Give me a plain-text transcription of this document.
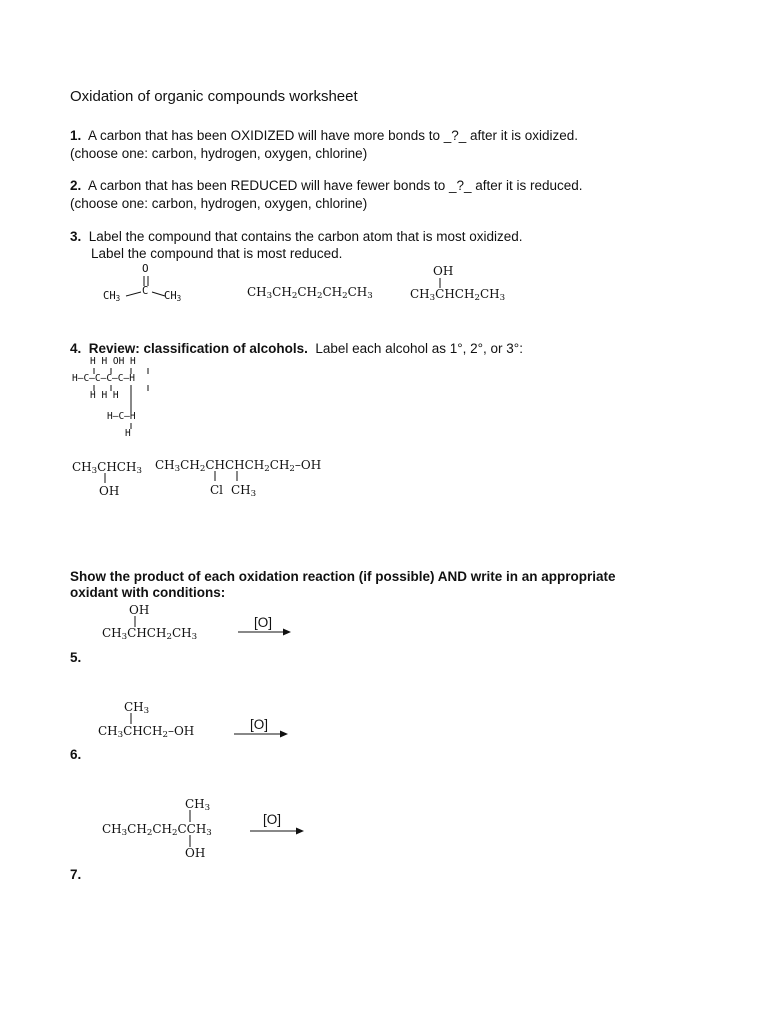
Oxidation of organic compounds worksheet
1. A carbon that has been OXIDIZED will have more bonds to _?_ after it is oxidized.
(choose one: carbon, hydrogen, oxygen, chlorine)
2. A carbon that has been REDUCED will have fewer bonds to _?_ after it is reduced.
(choose one: carbon, hydrogen, oxygen, chlorine)
3. Label the compound that contains the carbon atom that is most oxidized.
Label the compound that is most reduced.
O
$CH_3$
C $CH_3$	$CH_3CH_2CH_2CH_2CH_3$
OH
$CH_3CHCH_2CH_3$
4. Review: classification of alcohols. Label each alcohol as 1°, 2°, or 3°:
H H OH H
H—C—C—C—C—H
H H H
H—C—H
H
$CH_3CHCH_3$
OH
$CH_3CH_2CHCHCH_2CH_2-OH$
Cl $CH_3$
Show the product of each oxidation reaction (if possible) AND write in an appropriate
oxidant with conditions:
OH
$CH_3CHCH_2CH_3$
[O]
5.
$CH_3$
$CH_3CHCH_2-OH$	[O]
6.
$CH_3$
$CH_3CH_2CH_2CCH_3$
OH
[O]
7.
